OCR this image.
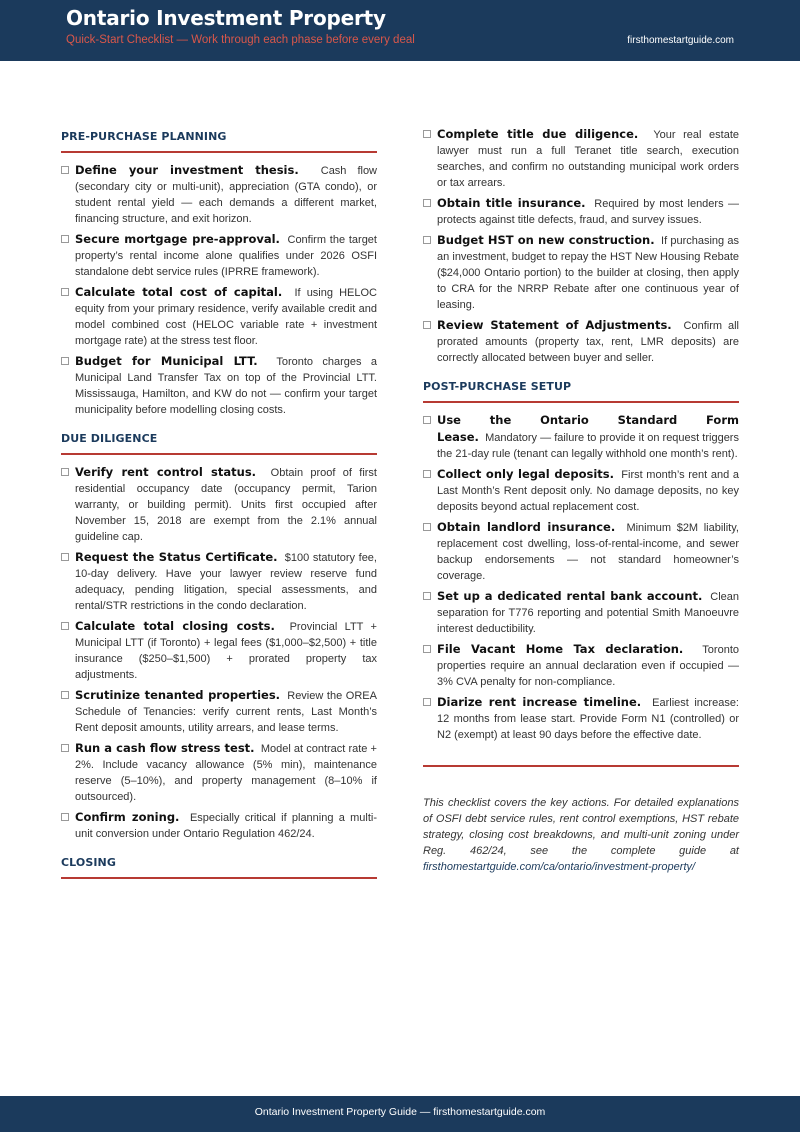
Ontario Investment Property
Quick-Start Checklist — Work through each phase before every deal	firsthomestartguide.com
PRE-PURCHASE PLANNING
Define your investment thesis. Cash flow (secondary city or multi-unit), appreciation (GTA condo), or student rental yield — each demands a different market, financing structure, and exit horizon.
Secure mortgage pre-approval. Confirm the target property’s rental income alone qualifies under 2026 OSFI standalone debt service rules (IPRRE framework).
Calculate total cost of capital. If using HELOC equity from your primary residence, verify available credit and model combined cost (HELOC variable rate + investment mortgage rate) at the stress test floor.
Budget for Municipal LTT. Toronto charges a Municipal Land Transfer Tax on top of the Provincial LTT. Mississauga, Hamilton, and KW do not — confirm your target municipality before modelling closing costs.
DUE DILIGENCE
Verify rent control status. Obtain proof of first residential occupancy date (occupancy permit, Tarion warranty, or building permit). Units first occupied after November 15, 2018 are exempt from the 2.1% annual guideline cap.
Request the Status Certificate. $100 statutory fee, 10-day delivery. Have your lawyer review reserve fund adequacy, pending litigation, special assessments, and rental/STR restrictions in the condo declaration.
Calculate total closing costs. Provincial LTT + Municipal LTT (if Toronto) + legal fees ($1,000–$2,500) + title insurance ($250–$1,500) + prorated property tax adjustments.
Scrutinize tenanted properties. Review the OREA Schedule of Tenancies: verify current rents, Last Month’s Rent deposit amounts, utility arrears, and lease terms.
Run a cash flow stress test. Model at contract rate + 2%. Include vacancy allowance (5% min), maintenance reserve (5–10%), and property management (8–10% if outsourced).
Confirm zoning. Especially critical if planning a multi-unit conversion under Ontario Regulation 462/24.
CLOSING
Complete title due diligence. Your real estate lawyer must run a full Teranet title search, execution searches, and confirm no outstanding municipal work orders or tax arrears.
Obtain title insurance. Required by most lenders — protects against title defects, fraud, and survey issues.
Budget HST on new construction. If purchasing as an investment, budget to repay the HST New Housing Rebate ($24,000 Ontario portion) to the builder at closing, then apply to CRA for the NRRP Rebate after one continuous year of leasing.
Review Statement of Adjustments. Confirm all prorated amounts (property tax, rent, LMR deposits) are correctly allocated between buyer and seller.
POST-PURCHASE SETUP
Use the Ontario Standard Form Lease. Mandatory — failure to provide it on request triggers the 21-day rule (tenant can legally withhold one month’s rent).
Collect only legal deposits. First month’s rent and a Last Month’s Rent deposit only. No damage deposits, no key deposits beyond actual replacement cost.
Obtain landlord insurance. Minimum $2M liability, replacement cost dwelling, loss-of-rental-income, and sewer backup endorsements — not standard homeowner’s coverage.
Set up a dedicated rental bank account. Clean separation for T776 reporting and potential Smith Manoeuvre interest deductibility.
File Vacant Home Tax declaration. Toronto properties require an annual declaration even if occupied — 3% CVA penalty for non-compliance.
Diarize rent increase timeline. Earliest increase: 12 months from lease start. Provide Form N1 (controlled) or N2 (exempt) at least 90 days before the effective date.
This checklist covers the key actions. For detailed explanations of OSFI debt service rules, rent control exemptions, HST rebate strategy, closing cost breakdowns, and multi-unit zoning under Reg. 462/24, see the complete guide at firsthomestartguide.com/ca/ontario/investment-property/
Ontario Investment Property Guide — firsthomestartguide.com
